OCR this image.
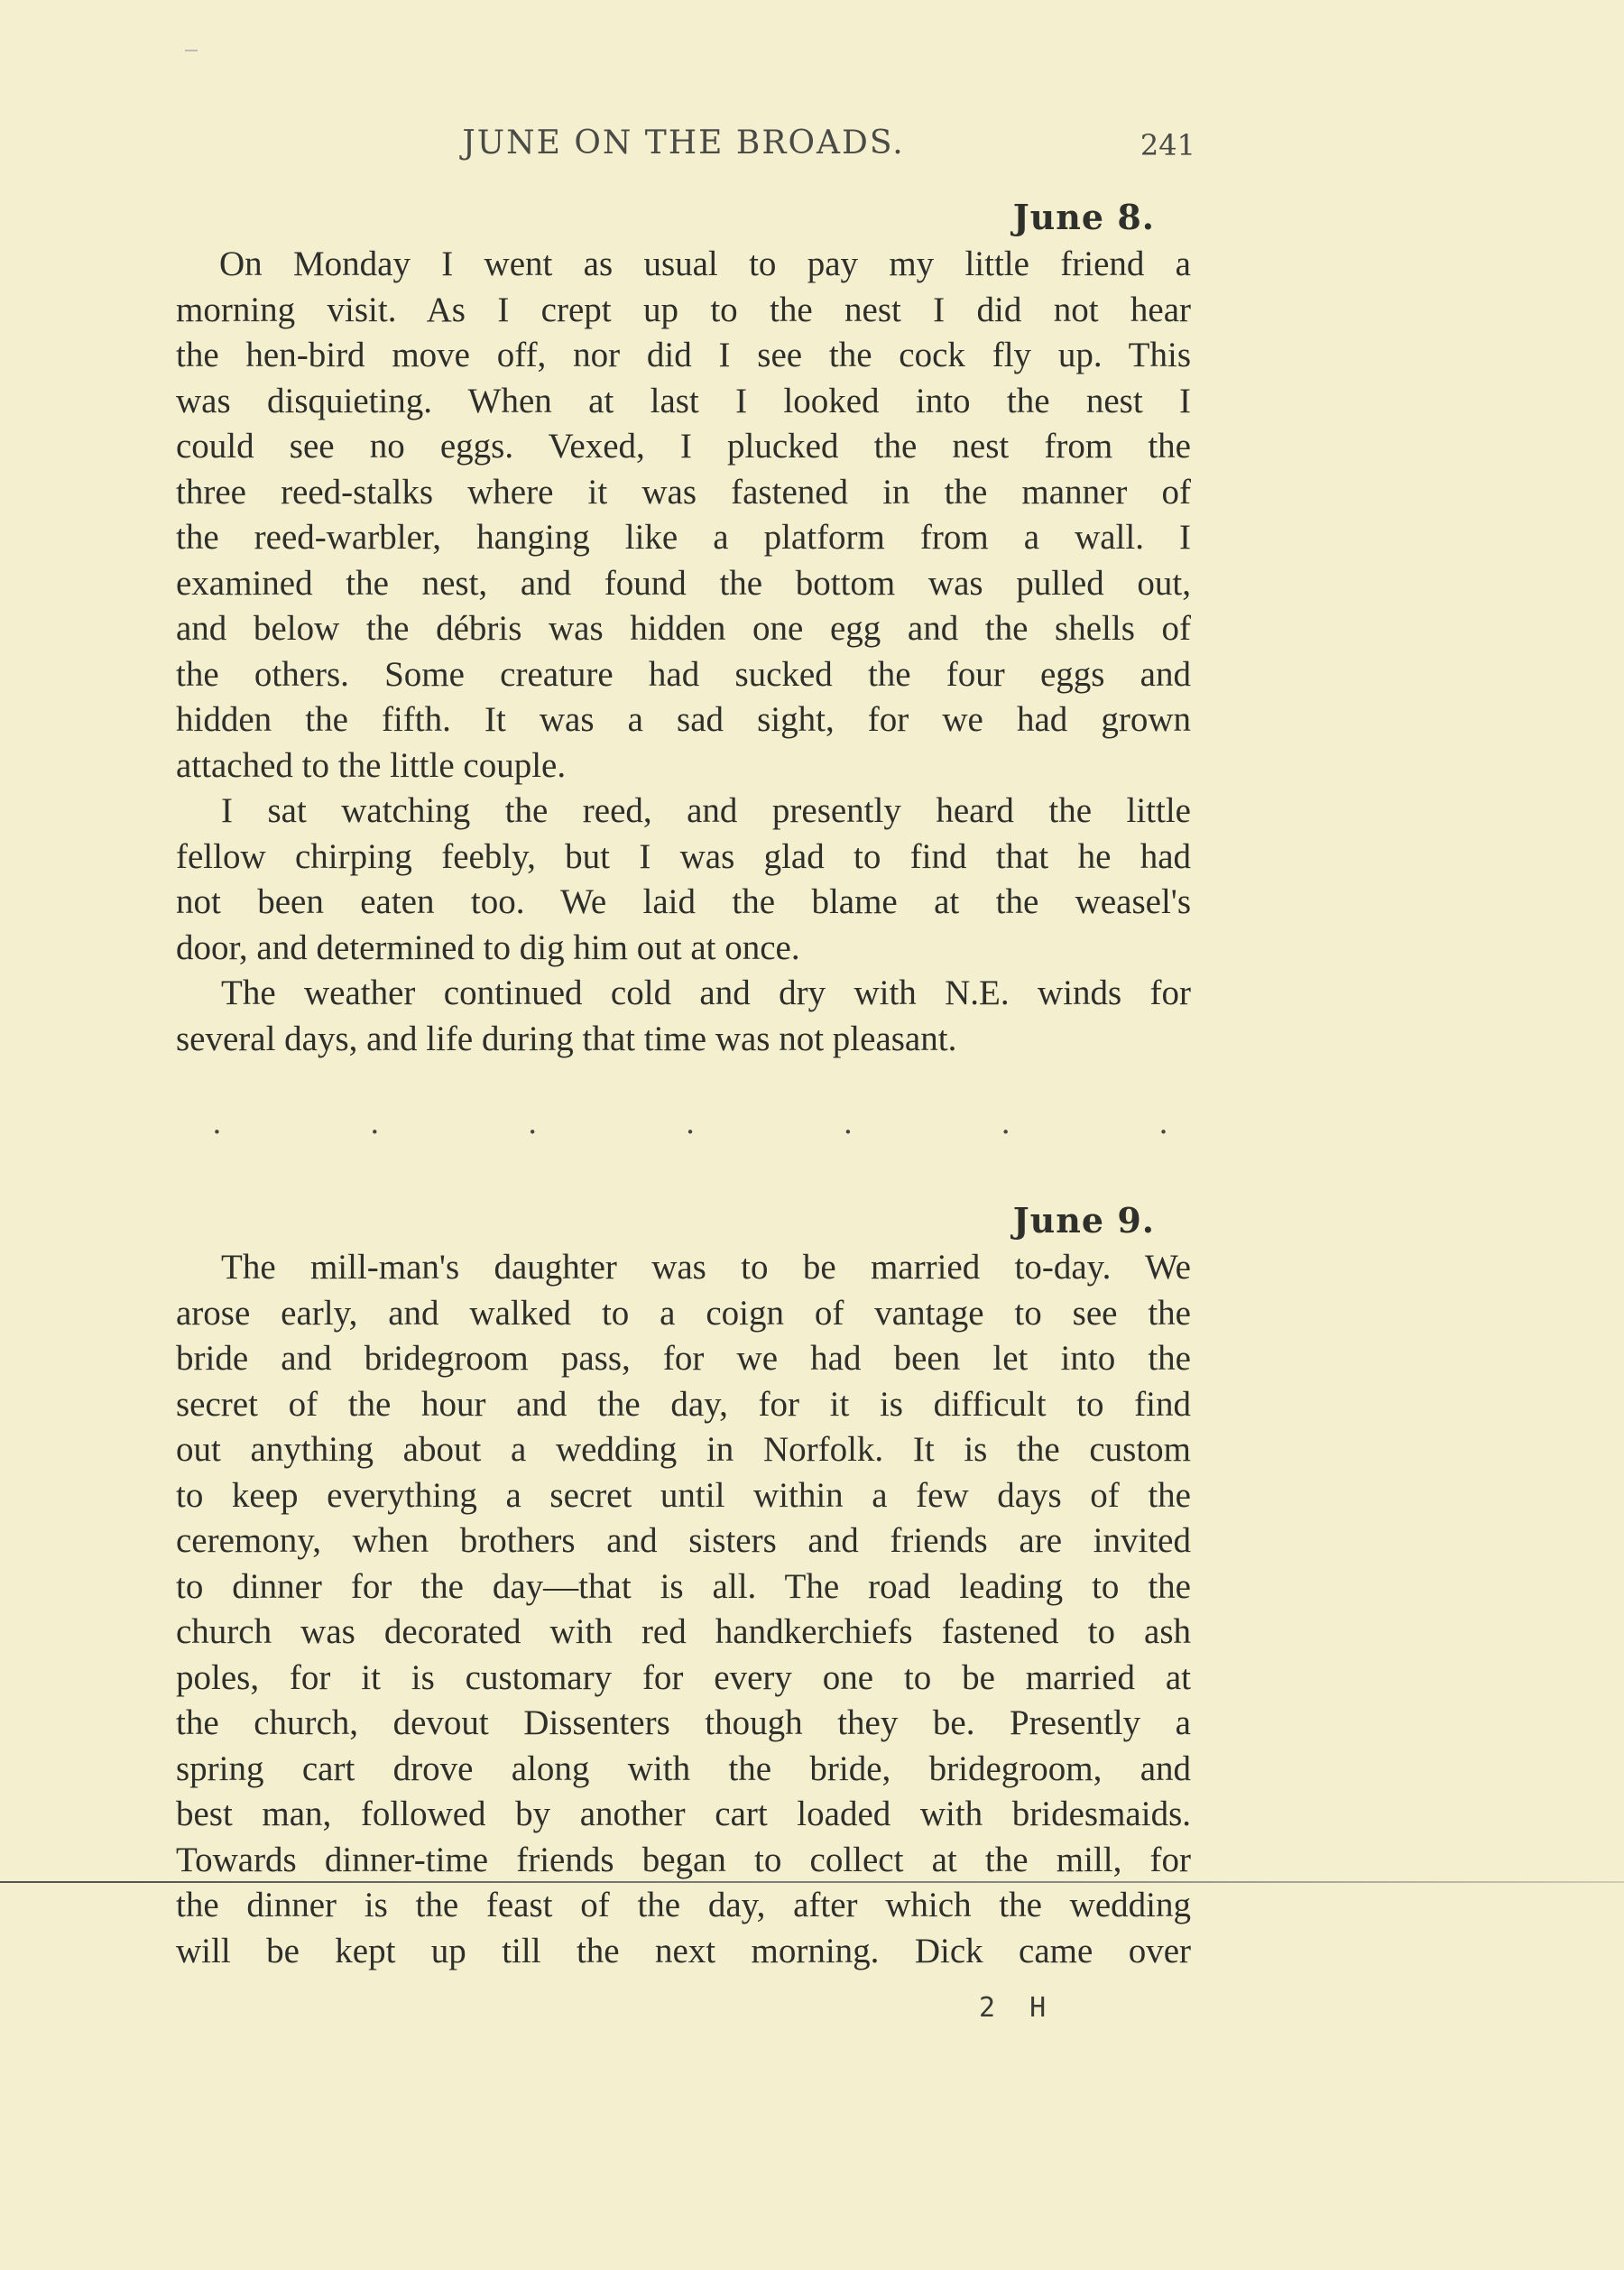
JUNE ON THE BROADS.	241
June 8.
On Monday I went as usual to pay my little friend a
morning visit. As I crept up to the nest I did not hear
the hen-bird move off, nor did I see the cock fly up. This
was disquieting. When at last I looked into the nest I
could see no eggs. Vexed, I plucked the nest from the
three reed-stalks where it was fastened in the manner of
the reed-warbler, hanging like a platform from a wall. I
examined the nest, and found the bottom was pulled out,
and below the débris was hidden one egg and the shells of
the others. Some creature had sucked the four eggs and
hidden the fifth. It was a sad sight, for we had grown
attached to the little couple.
I sat watching the reed, and presently heard the little
fellow chirping feebly, but I was glad to find that he had
not been eaten too. We laid the blame at the weasel's
door, and determined to dig him out at once.
The weather continued cold and dry with N.E. winds for
several days, and life during that time was not pleasant.
.	.	.	.	.	.	.
June 9.
The mill-man's daughter was to be married to-day. We
arose early, and walked to a coign of vantage to see the
bride and bridegroom pass, for we had been let into the
secret of the hour and the day, for it is difficult to find
out anything about a wedding in Norfolk. It is the custom
to keep everything a secret until within a few days of the
ceremony, when brothers and sisters and friends are invited
to dinner for the day—that is all. The road leading to the
church was decorated with red handkerchiefs fastened to ash
poles, for it is customary for every one to be married at
the church, devout Dissenters though they be. Presently a
spring cart drove along with the bride, bridegroom, and
best man, followed by another cart loaded with bridesmaids.
Towards dinner-time friends began to collect at the mill, for
the dinner is the feast of the day, after which the wedding
will be kept up till the next morning. Dick came over
2 H
